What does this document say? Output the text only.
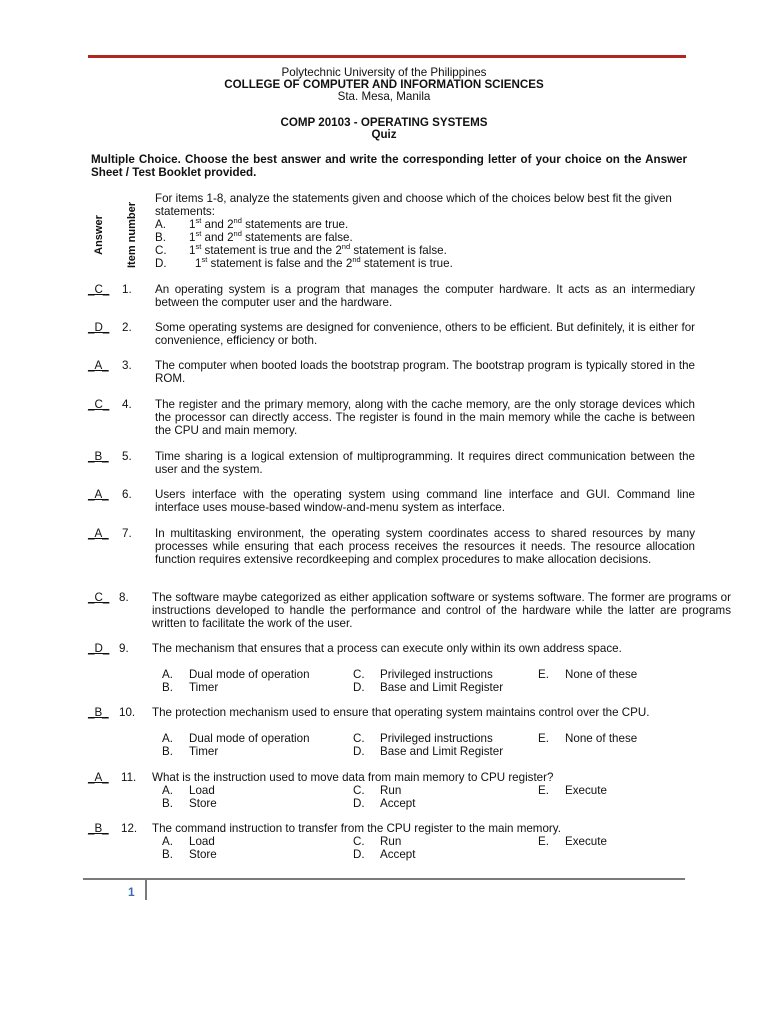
Polytechnic University of the Philippines
COLLEGE OF COMPUTER AND INFORMATION SCIENCES
Sta. Mesa, Manila
COMP 20103 - OPERATING SYSTEMS
Quiz
Multiple Choice. Choose the best answer and write the corresponding letter of your choice on the Answer Sheet / Test Booklet provided.
Answer Item number
For items 1-8, analyze the statements given and choose which of the choices below best fit the given statements:
A. 1st and 2nd statements are true.
B. 1st and 2nd statements are false.
C. 1st statement is true and the 2nd statement is false.
D. 1st statement is false and the 2nd statement is true.
_C_ 1. An operating system is a program that manages the computer hardware. It acts as an intermediary between the computer user and the hardware.
_D_ 2. Some operating systems are designed for convenience, others to be efficient. But definitely, it is either for convenience, efficiency or both.
_A_ 3. The computer when booted loads the bootstrap program. The bootstrap program is typically stored in the ROM.
_C_ 4. The register and the primary memory, along with the cache memory, are the only storage devices which the processor can directly access. The register is found in the main memory while the cache is between the CPU and main memory.
_B_ 5. Time sharing is a logical extension of multiprogramming. It requires direct communication between the user and the system.
_A_ 6. Users interface with the operating system using command line interface and GUI. Command line interface uses mouse-based window-and-menu system as interface.
_A_ 7. In multitasking environment, the operating system coordinates access to shared resources by many processes while ensuring that each process receives the resources it needs. The resource allocation function requires extensive recordkeeping and complex procedures to make allocation decisions.
_C_ 8. The software maybe categorized as either application software or systems software. The former are programs or instructions developed to handle the performance and control of the hardware while the latter are programs written to facilitate the work of the user.
_D_ 9. The mechanism that ensures that a process can execute only within its own address space.
A. Dual mode of operation
B. Timer
C. Privileged instructions
D. Base and Limit Register
E. None of these
_B_ 10. The protection mechanism used to ensure that operating system maintains control over the CPU.
A. Dual mode of operation
B. Timer
C. Privileged instructions
D. Base and Limit Register
E. None of these
_A_ 11. What is the instruction used to move data from main memory to CPU register?
A. Load
B. Store
C. Run
D. Accept
E. Execute
_B_ 12. The command instruction to transfer from the CPU register to the main memory.
A. Load
B. Store
C. Run
D. Accept
E. Execute
1
